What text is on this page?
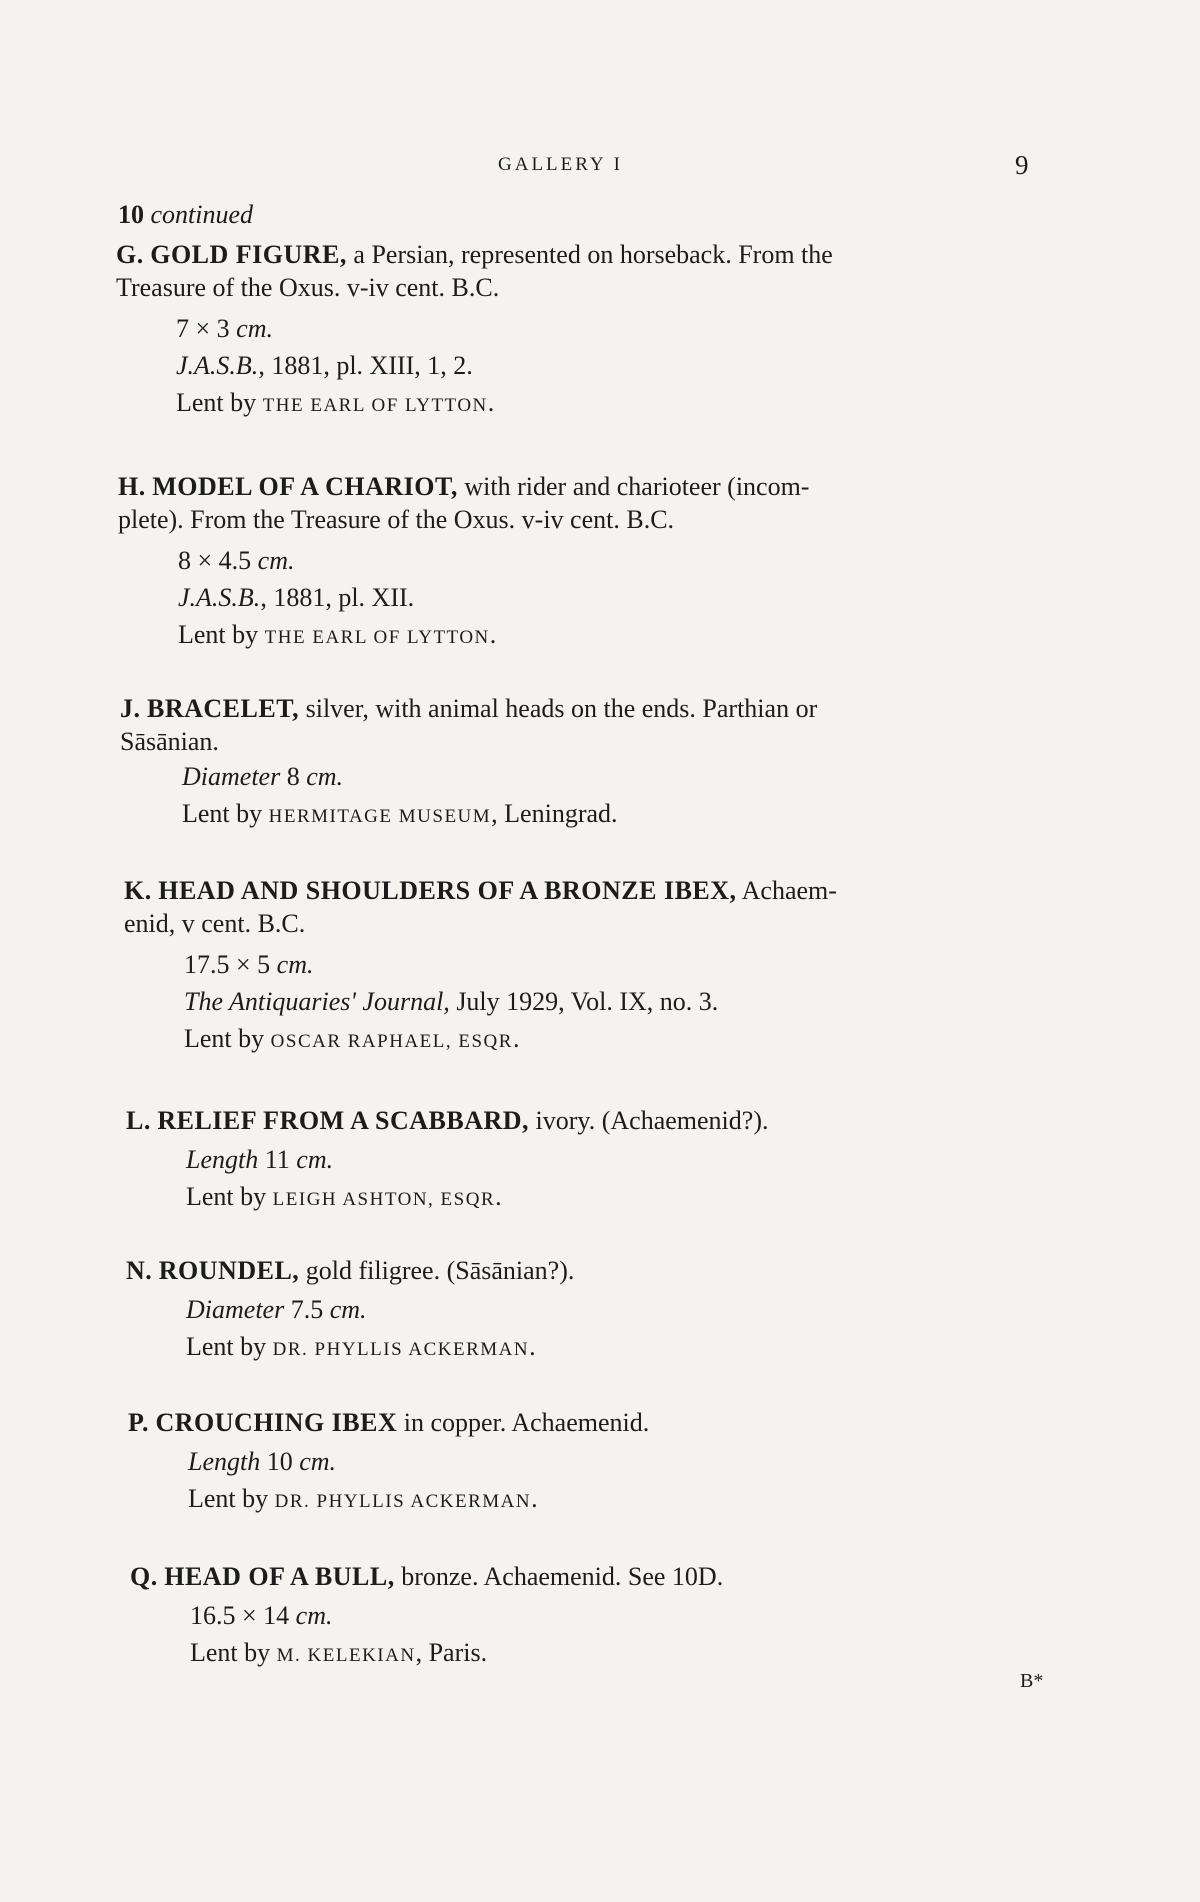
GALLERY I	9
10 continued

G. GOLD FIGURE, a Persian, represented on horseback. From the
Treasure of the Oxus. v-iv cent. B.C.

7 × 3 cm.

J.A.S.B., 1881, pl. XIII, 1, 2.

Lent by THE EARL OF LYTTON.

H. MODEL OF A CHARIOT, with rider and charioteer (incom-
plete). From the Treasure of the Oxus. v-iv cent. B.C.

8 × 4.5 cm.

J.A.S.B., 1881, pl. XII.

Lent by THE EARL OF LYTTON.

J. BRACELET, silver, with animal heads on the ends. Parthian or
Sāsānian.

Diameter 8 cm.

Lent by HERMITAGE MUSEUM, Leningrad.

K. HEAD AND SHOULDERS OF A BRONZE IBEX, Achaem-
enid, v cent. B.C.

17.5 × 5 cm.

The Antiquaries' Journal, July 1929, Vol. IX, no. 3.

Lent by OSCAR RAPHAEL, ESQR.

L. RELIEF FROM A SCABBARD, ivory. (Achaemenid?).

Length 11 cm.

Lent by LEIGH ASHTON, ESQR.

N. ROUNDEL, gold filigree. (Sāsānian?).

Diameter 7.5 cm.

Lent by DR. PHYLLIS ACKERMAN.

P. CROUCHING IBEX in copper. Achaemenid.

Length 10 cm.

Lent by DR. PHYLLIS ACKERMAN.

Q. HEAD OF A BULL, bronze. Achaemenid. See 10D.

16.5 × 14 cm.

Lent by M. KELEKIAN, Paris.

B*
